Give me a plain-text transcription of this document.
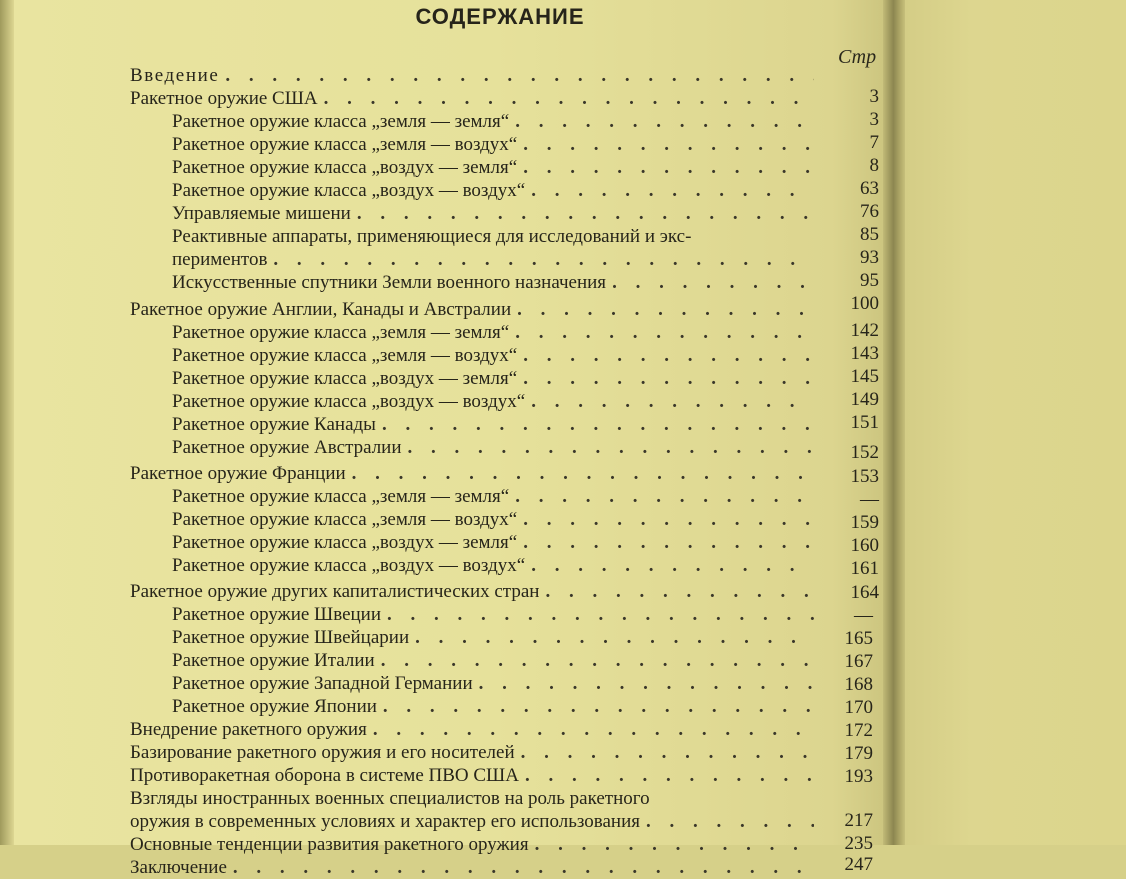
СОДЕРЖАНИЕ
Стр
Введение
. . .
Ракетное оружие США
. . .
Ракетное оружие класса „земля — земля“
. . .
Ракетное оружие класса „земля — воздух“
. . .
Ракетное оружие класса „воздух — земля“
. . .
Ракетное оружие класса „воздух — воздух“
. . .
Управляемые мишени
. . .
Реактивные аппараты, применяющиеся для исследований и экс-
периментов
. . .
Искусственные спутники Земли военного назначения
. . .
Ракетное оружие Англии, Канады и Австралии
. . .
Ракетное оружие класса „земля — земля“
. . .
Ракетное оружие класса „земля — воздух“
. . .
Ракетное оружие класса „воздух — земля“
. . .
Ракетное оружие класса „воздух — воздух“
. . .
Ракетное оружие Канады
. . .
Ракетное оружие Австралии
. . .
Ракетное оружие Франции
. . .
Ракетное оружие класса „земля — земля“
. . .
Ракетное оружие класса „земля — воздух“
. . .
Ракетное оружие класса „воздух — земля“
. . .
Ракетное оружие класса „воздух — воздух“
. . .
Ракетное оружие других капиталистических стран
. . .
Ракетное оружие Швеции
. . .
Ракетное оружие Швейцарии
. . .
Ракетное оружие Италии
. . .
Ракетное оружие Западной Германии
. . .
Ракетное оружие Японии
. . .
Внедрение ракетного оружия
. . .
Базирование ракетного оружия и его носителей
. . .
Противоракетная оборона в системе ПВО США
. . .
Взгляды иностранных военных специалистов на роль ракетного
оружия в современных условиях и характер его использования
. . .
Основные тенденции развития ракетного оружия
. . .
Заключение
. . .
3
3
7
8
63
76
85
93
95
100
142
143
145
149
151
152
153
—
159
160
161
164
—
165
167
168
170
172
179
193
217
235
247
